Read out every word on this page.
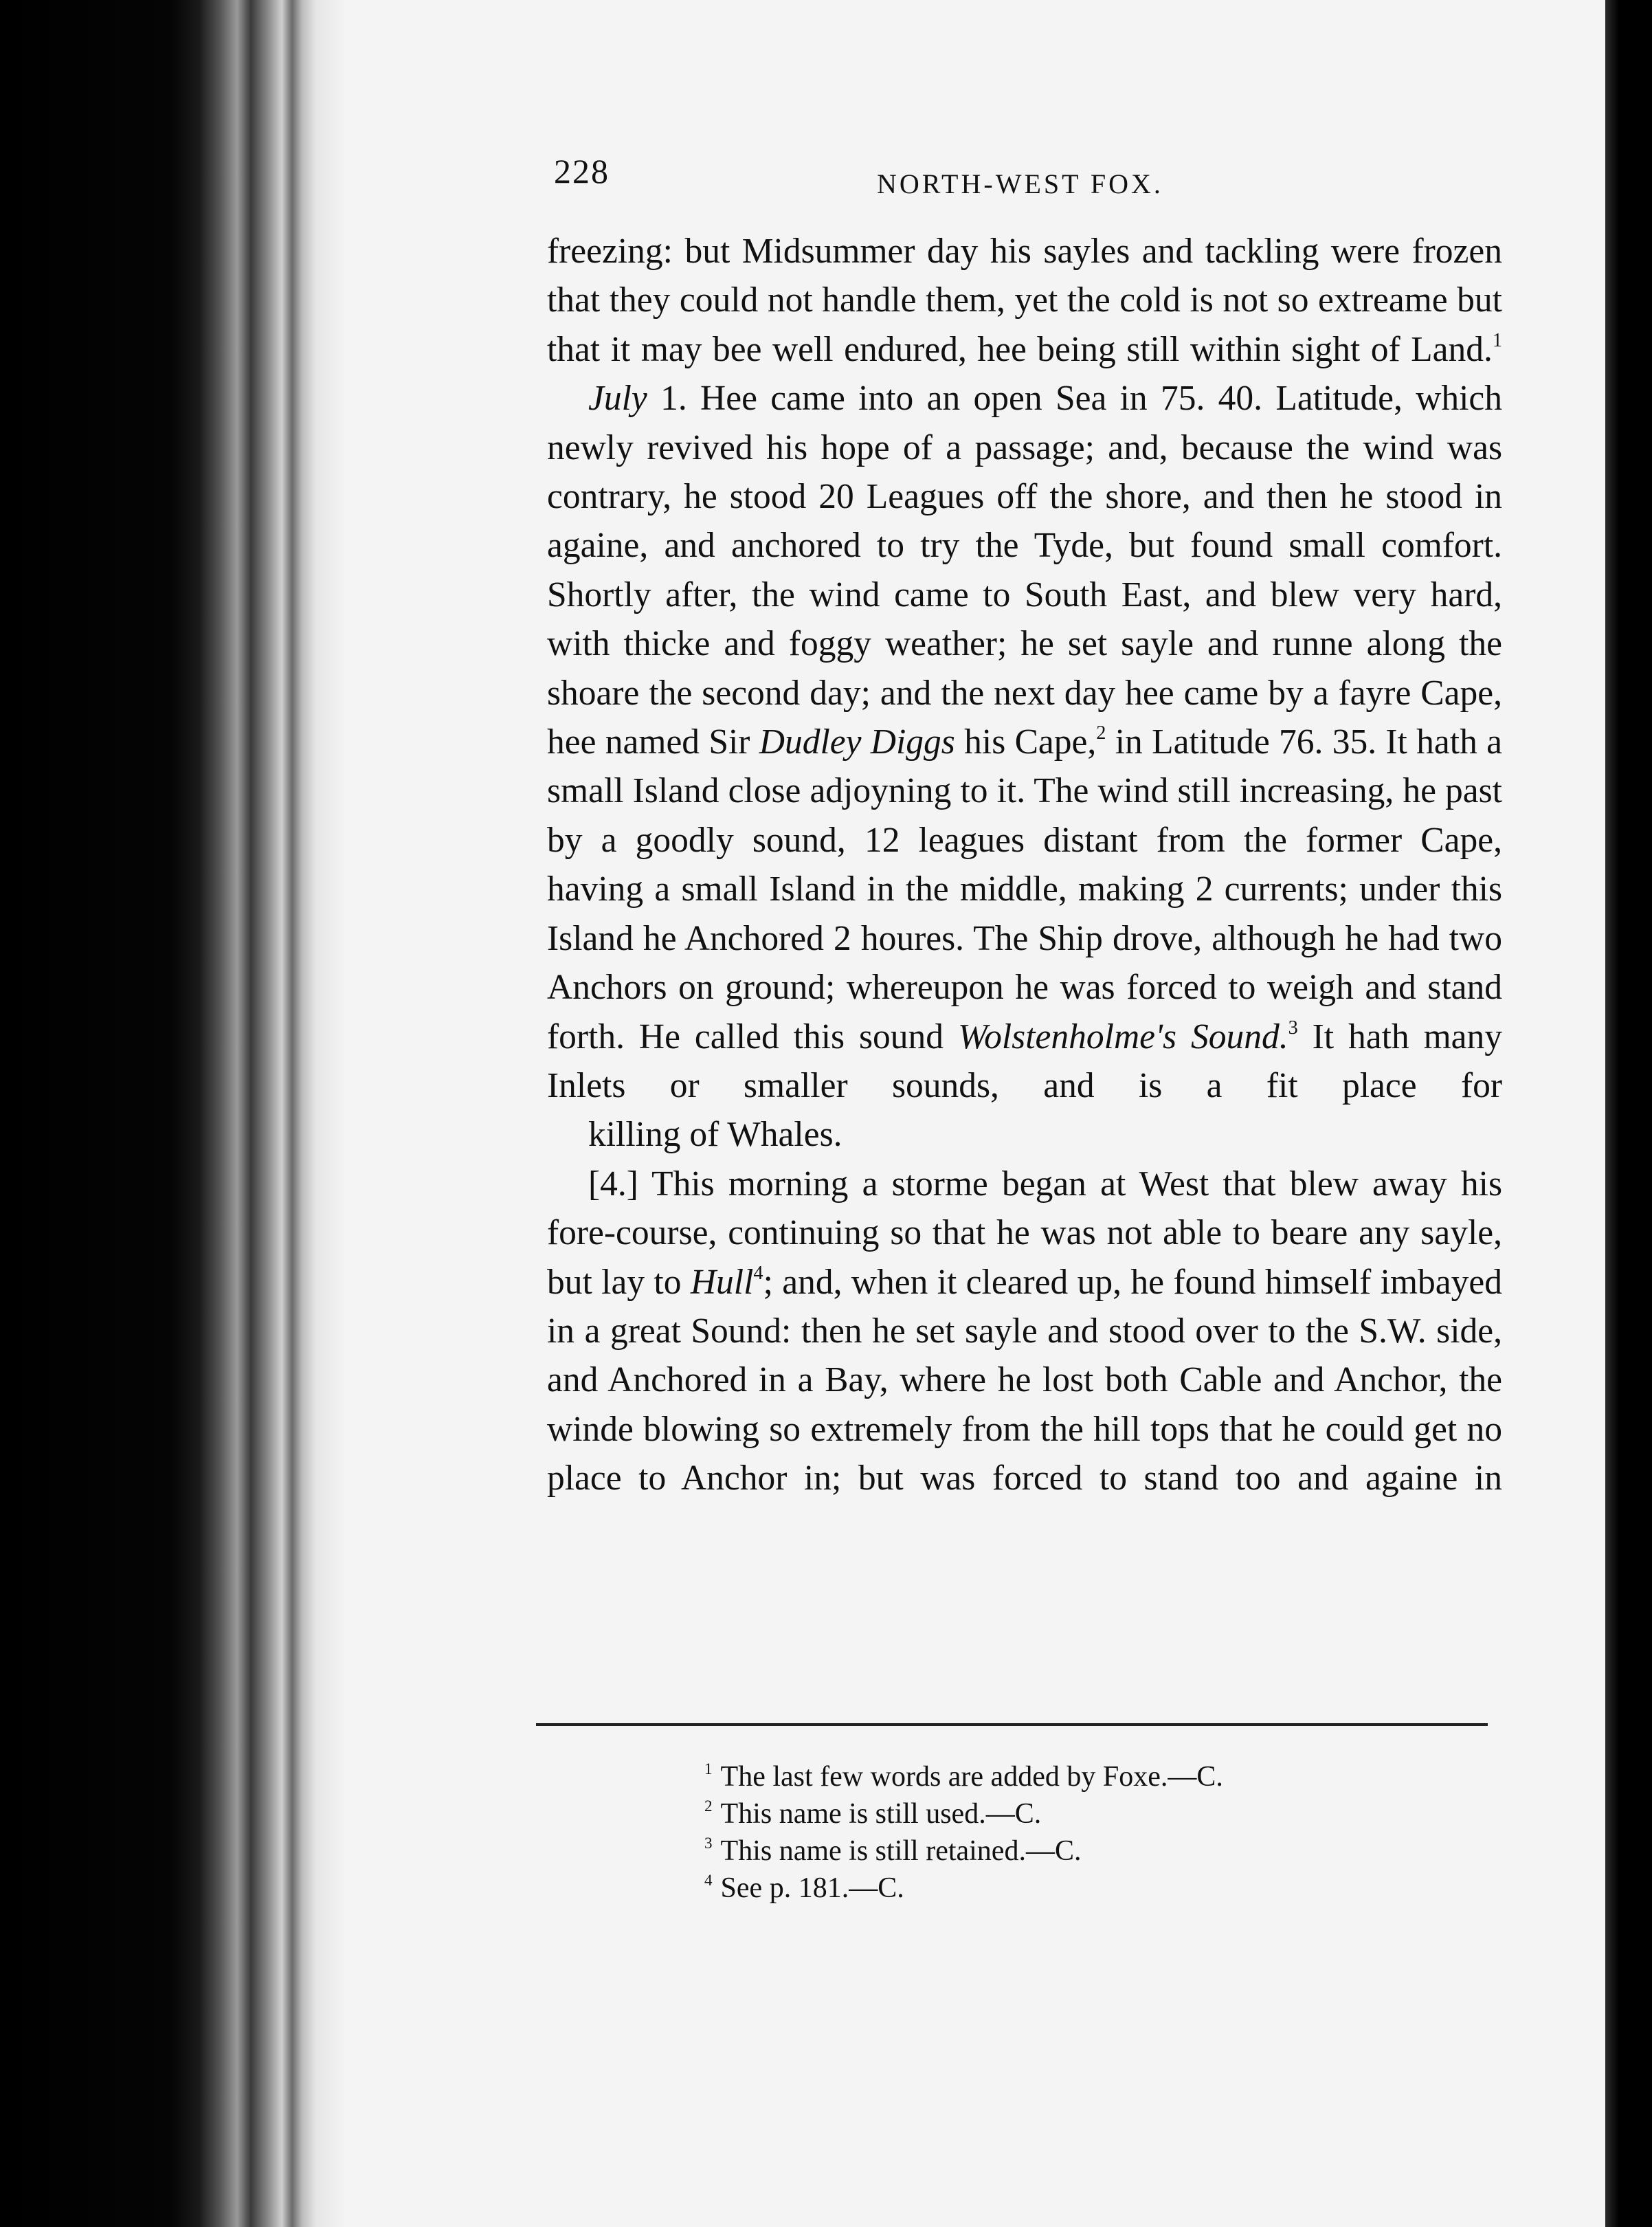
228	NORTH-WEST FOX.

freezing: but Midsummer day his sayles and tackling were frozen that they could not handle them, yet the cold is not so extreame but that it may bee well endured, hee being still within sight of Land.$^1$

July 1. Hee came into an open Sea in 75. 40. Latitude, which newly revived his hope of a passage; and, because the wind was contrary, he stood 20 Leagues off the shore, and then he stood in againe, and anchored to try the Tyde, but found small comfort. Shortly after, the wind came to South East, and blew very hard, with thicke and foggy weather; he set sayle and runne along the shoare the second day; and the next day hee came by a fayre Cape, hee named Sir Dudley Diggs his Cape,$^2$ in Latitude 76. 35. It hath a small Island close adjoyning to it. The wind still increasing, he past by a goodly sound, 12 leagues distant from the former Cape, having a small Island in the middle, making 2 currents; under this Island he Anchored 2 houres. The Ship drove, although he had two Anchors on ground; whereupon he was forced to weigh and stand forth. He called this sound Wolstenholme's Sound.$^3$ It hath many Inlets or smaller sounds, and is a fit place for
killing of Whales.

[4.] This morning a storme began at West that blew away his fore-course, continuing so that he was not able to beare any sayle, but lay to Hull$^4$; and, when it cleared up, he found himself imbayed in a great Sound: then he set sayle and stood over to the S.W. side, and Anchored in a Bay, where he lost both Cable and Anchor, the winde blowing so extremely from the hill tops that he could get no place to Anchor in; but was forced to stand too and againe in

$^1$ The last few words are added by Foxe.—C.

$^2$ This name is still used.—C.

$^3$ This name is still retained.—C.

$^4$ See p. 181.—C.
